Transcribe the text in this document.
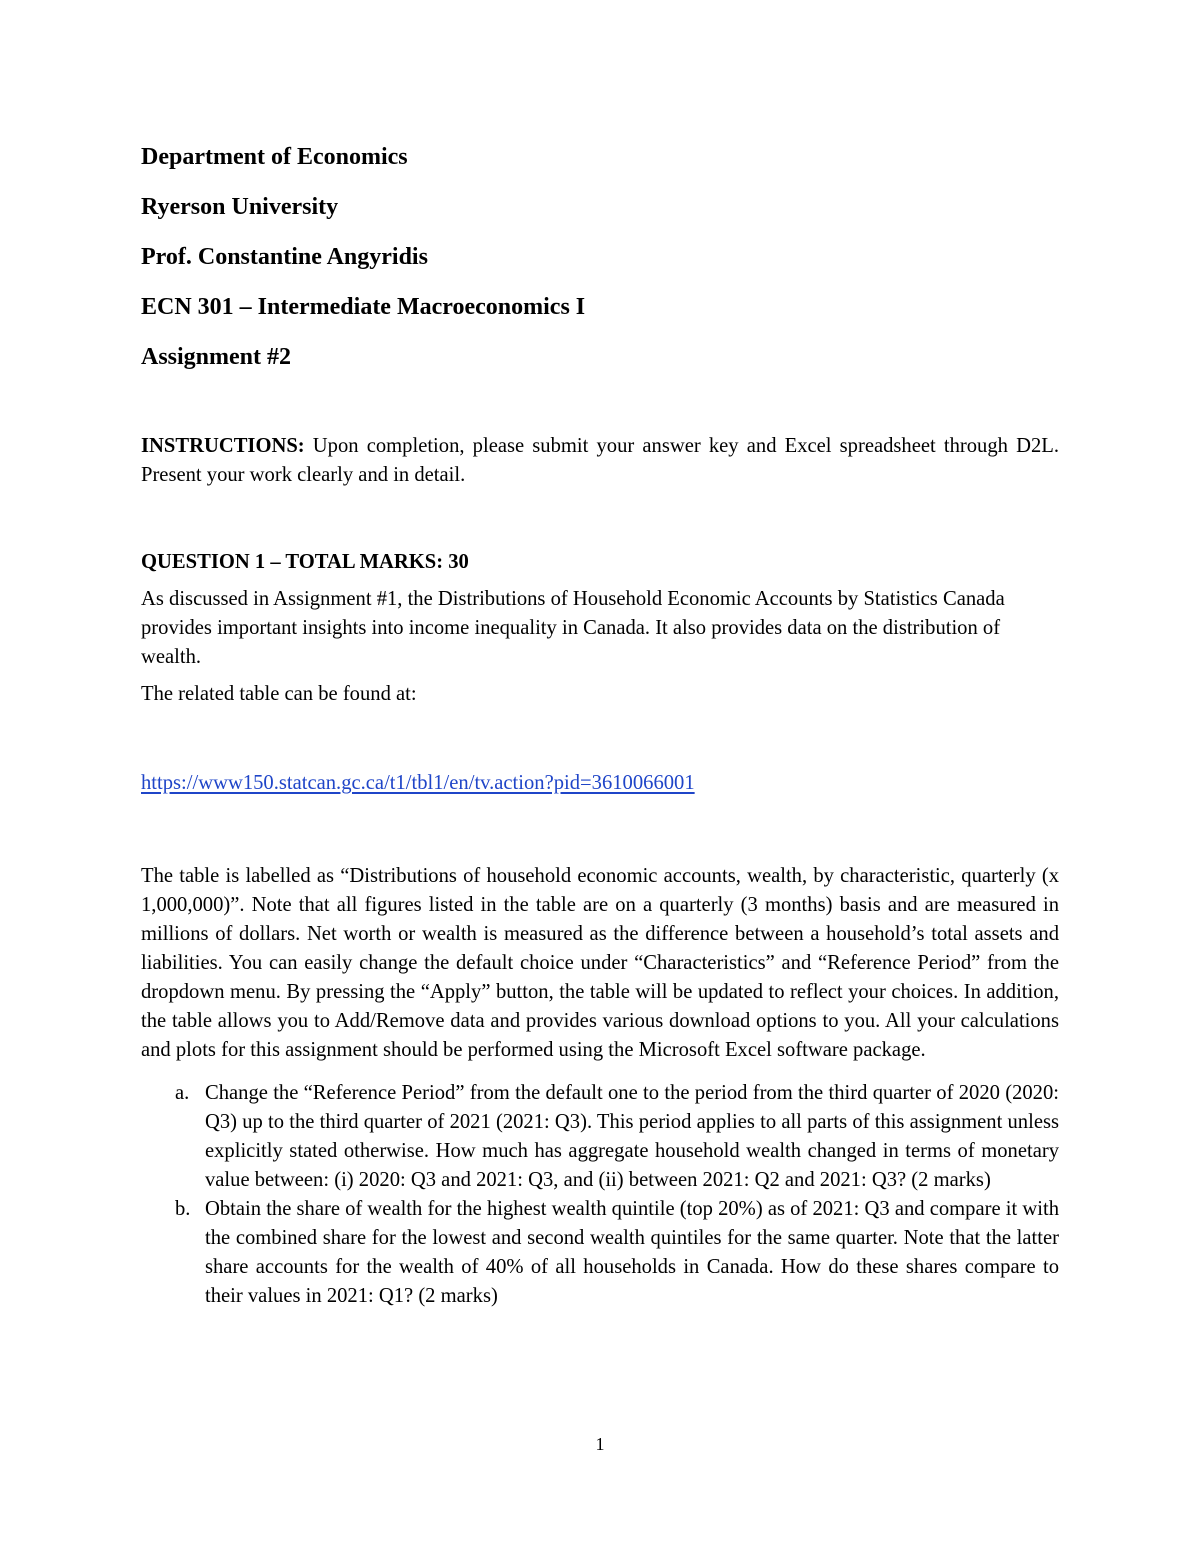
Department of Economics
Ryerson University
Prof. Constantine Angyridis
ECN 301 – Intermediate Macroeconomics I
Assignment #2

INSTRUCTIONS: Upon completion, please submit your answer key and Excel spreadsheet through D2L. Present your work clearly and in detail.

QUESTION 1 – TOTAL MARKS: 30

As discussed in Assignment #1, the Distributions of Household Economic Accounts by Statistics Canada provides important insights into income inequality in Canada. It also provides data on the distribution of wealth.

The related table can be found at:

https://www150.statcan.gc.ca/t1/tbl1/en/tv.action?pid=3610066001

The table is labelled as “Distributions of household economic accounts, wealth, by characteristic, quarterly (x 1,000,000)”. Note that all figures listed in the table are on a quarterly (3 months) basis and are measured in millions of dollars. Net worth or wealth is measured as the difference between a household’s total assets and liabilities. You can easily change the default choice under “Characteristics” and “Reference Period” from the dropdown menu. By pressing the “Apply” button, the table will be updated to reflect your choices. In addition, the table allows you to Add/Remove data and provides various download options to you. All your calculations and plots for this assignment should be performed using the Microsoft Excel software package.

a. Change the “Reference Period” from the default one to the period from the third quarter of 2020 (2020: Q3) up to the third quarter of 2021 (2021: Q3). This period applies to all parts of this assignment unless explicitly stated otherwise. How much has aggregate household wealth changed in terms of monetary value between: (i) 2020: Q3 and 2021: Q3, and (ii) between 2021: Q2 and 2021: Q3? (2 marks)
b. Obtain the share of wealth for the highest wealth quintile (top 20%) as of 2021: Q3 and compare it with the combined share for the lowest and second wealth quintiles for the same quarter. Note that the latter share accounts for the wealth of 40% of all households in Canada. How do these shares compare to their values in 2021: Q1? (2 marks)
1
